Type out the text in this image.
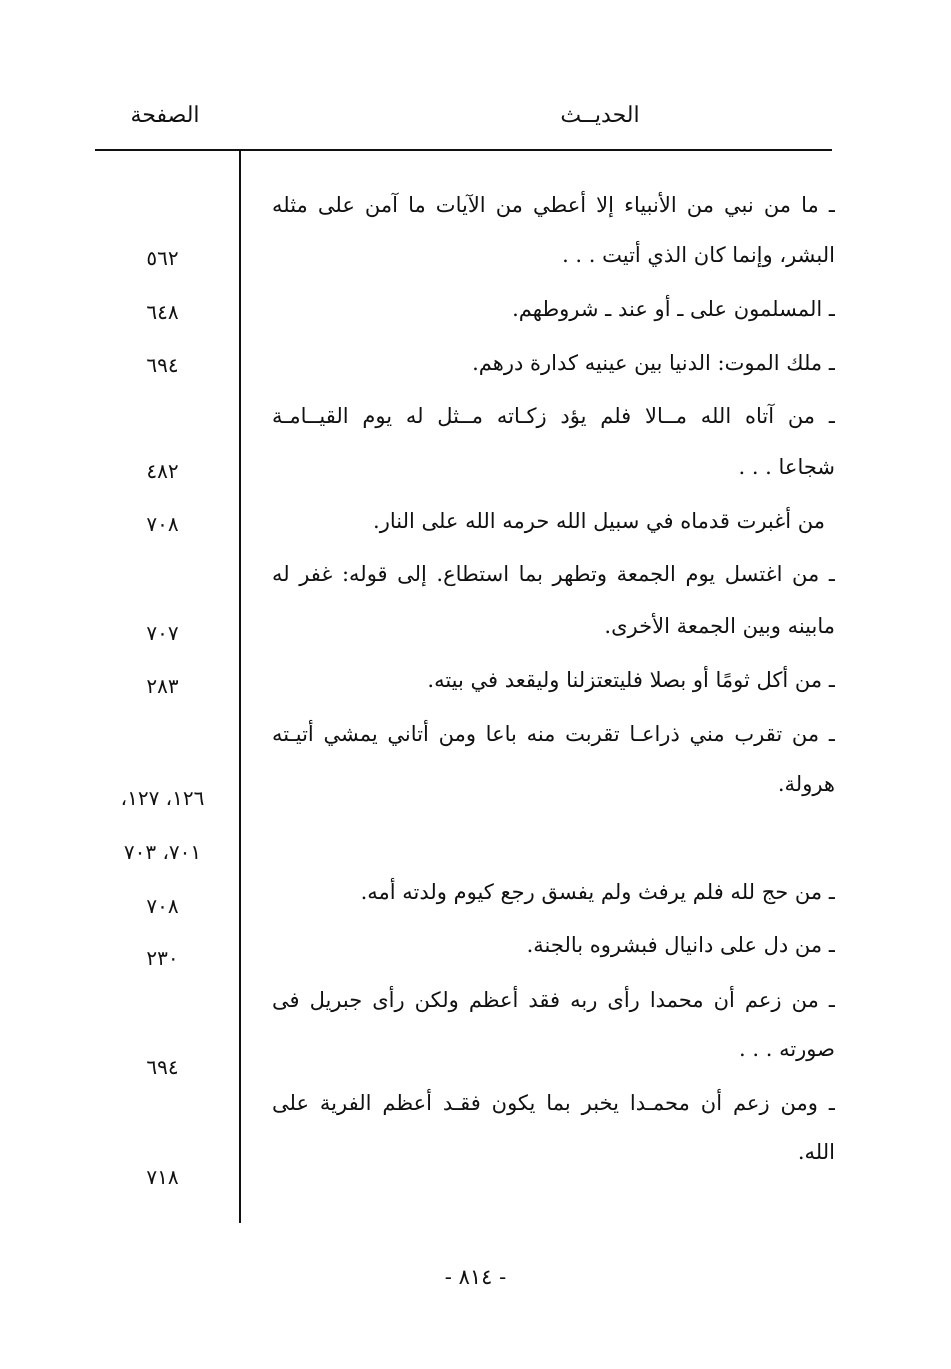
الحديــث
الصفحة
ـ ما من نبي من الأنبياء إلا أعطي من الآيات ما آمن على مثله
البشر، وإنما كان الذي أتيت . . .
ـ المسلمون على ـ أو عند ـ شروطهم.
ـ ملك الموت: الدنيا بين عينيه كدارة درهم.
ـ من آتاه الله مــالا فلم يؤد زكـاته مــثل له يوم القيــامـة
شجاعا . . .
من أغبرت قدماه في سبيل الله حرمه الله على النار.
ـ من اغتسل يوم الجمعة وتطهر بما استطاع. إلى قوله: غفر له
مابينه وبين الجمعة الأخرى.
ـ من أكل ثومًا أو بصلا فليتعتزلنا وليقعد في بيته.
ـ من تقرب مني ذراعـا تقربت منه باعا ومن أتاني يمشي أتيـته
هرولة.
ـ من حج لله فلم يرفث ولم يفسق رجع كيوم ولدته أمه.
ـ من دل على دانيال فبشروه بالجنة.
ـ من زعم أن محمدا رأى ربه فقد أعظم ولكن رأى جبريل فى
صورته . . .
ـ ومن زعم أن محمـدا يخبر بما يكون فقـد أعظم الفرية على
الله.
٥٦٢
٦٤٨
٦٩٤
٤٨٢
٧٠٨
٧٠٧
٢٨٣
١٢٦، ١٢٧،
٧٠١، ٧٠٣
٧٠٨
٢٣٠
٦٩٤
٧١٨
- ٨١٤ -
